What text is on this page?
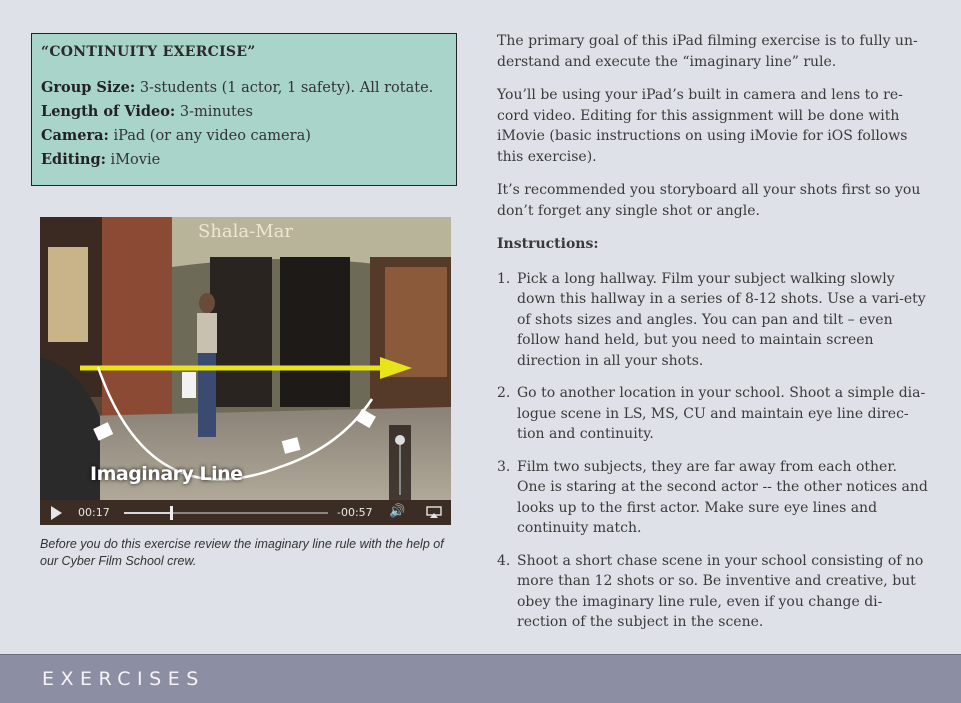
“CONTINUITY EXERCISE”
Group Size: 3-students (1 actor, 1 safety). All rotate.
Length of Video: 3-minutes
Camera: iPad (or any video camera)
Editing: iMovie
Shala-Mar
Imaginary Line
00:17	-00:57 🔊
Before you do this exercise review the imaginary line rule with the help of our Cyber Film School crew.

The primary goal of this iPad filming exercise is to fully un-derstand and execute the “imaginary line” rule.

You’ll be using your iPad’s built in camera and lens to re-cord video. Editing for this assignment will be done with iMovie (basic instructions on using iMovie for iOS follows this exercise).

It’s recommended you storyboard all your shots first so you don’t forget any single shot or angle.

Instructions:
1. Pick a long hallway. Film your subject walking slowly down this hallway in a series of 8-12 shots. Use a vari-ety of shots sizes and angles. You can pan and tilt – even follow hand held, but you need to maintain screen direction in all your shots.
2. Go to another location in your school. Shoot a simple dia-logue scene in LS, MS, CU and maintain eye line direc-tion and continuity.
3. Film two subjects, they are far away from each other. One is staring at the second actor -- the other notices and looks up to the first actor. Make sure eye lines and continuity match.
4. Shoot a short chase scene in your school consisting of no more than 12 shots or so. Be inventive and creative, but obey the imaginary line rule, even if you change di-rection of the subject in the scene.
EXERCISES
